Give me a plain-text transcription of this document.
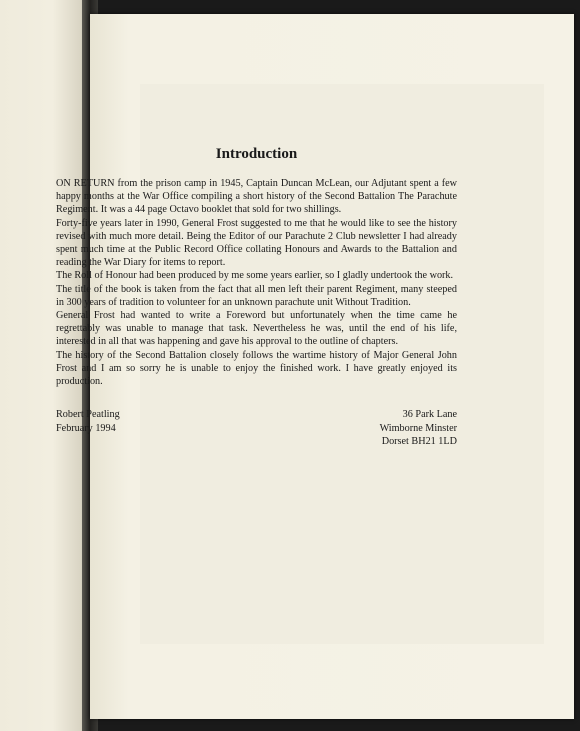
Introduction

ON RETURN from the prison camp in 1945, Captain Duncan McLean, our Adjutant spent a few happy months at the War Office compiling a short history of the Second Battalion The Parachute Regiment. It was a 44 page Octavo booklet that sold for two shillings.

Forty-five years later in 1990, General Frost suggested to me that he would like to see the history revised with much more detail. Being the Editor of our Parachute 2 Club newsletter I had already spent much time at the Public Record Office collating Honours and Awards to the Battalion and reading the War Diary for items to report.

The Roll of Honour had been produced by me some years earlier, so I gladly undertook the work.

The title of the book is taken from the fact that all men left their parent Regiment, many steeped in 300 years of tradition to volunteer for an unknown parachute unit Without Tradition.

General Frost had wanted to write a Foreword but unfortunately when the time came he regrettably was unable to manage that task. Nevertheless he was, until the end of his life, interested in all that was happening and gave his approval to the outline of chapters.

The history of the Second Battalion closely follows the wartime history of Major General John Frost and I am so sorry he is unable to enjoy the finished work. I have greatly enjoyed its production.

Robert Peatling
February 1994
36 Park Lane
Wimborne Minster
Dorset BH21 1LD
